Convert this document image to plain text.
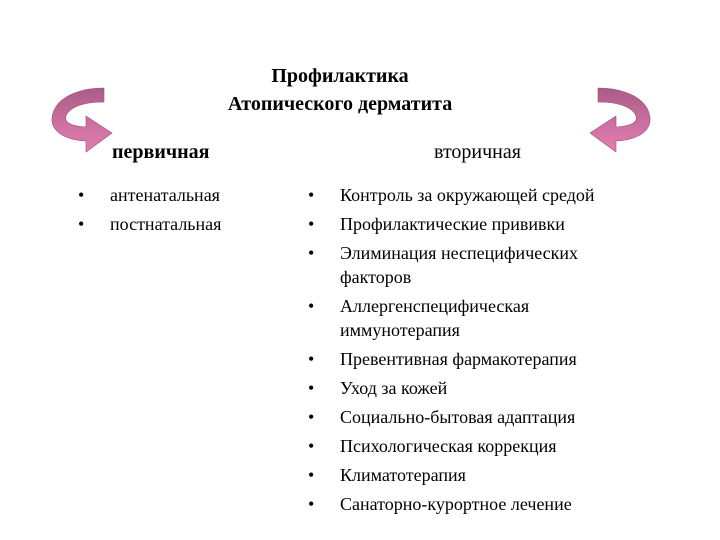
Профилактика
Атопического дерматита
первичная	вторичная
• антенатальная
• постнатальная
• Контроль за окружающей средой
• Профилактические прививки
• Элиминация неспецифических факторов
• Аллергенспецифическая иммунотерапия
• Превентивная фармакотерапия
• Уход за кожей
• Социально-бытовая адаптация
• Психологическая коррекция
• Климатотерапия
• Санаторно-курортное лечение
